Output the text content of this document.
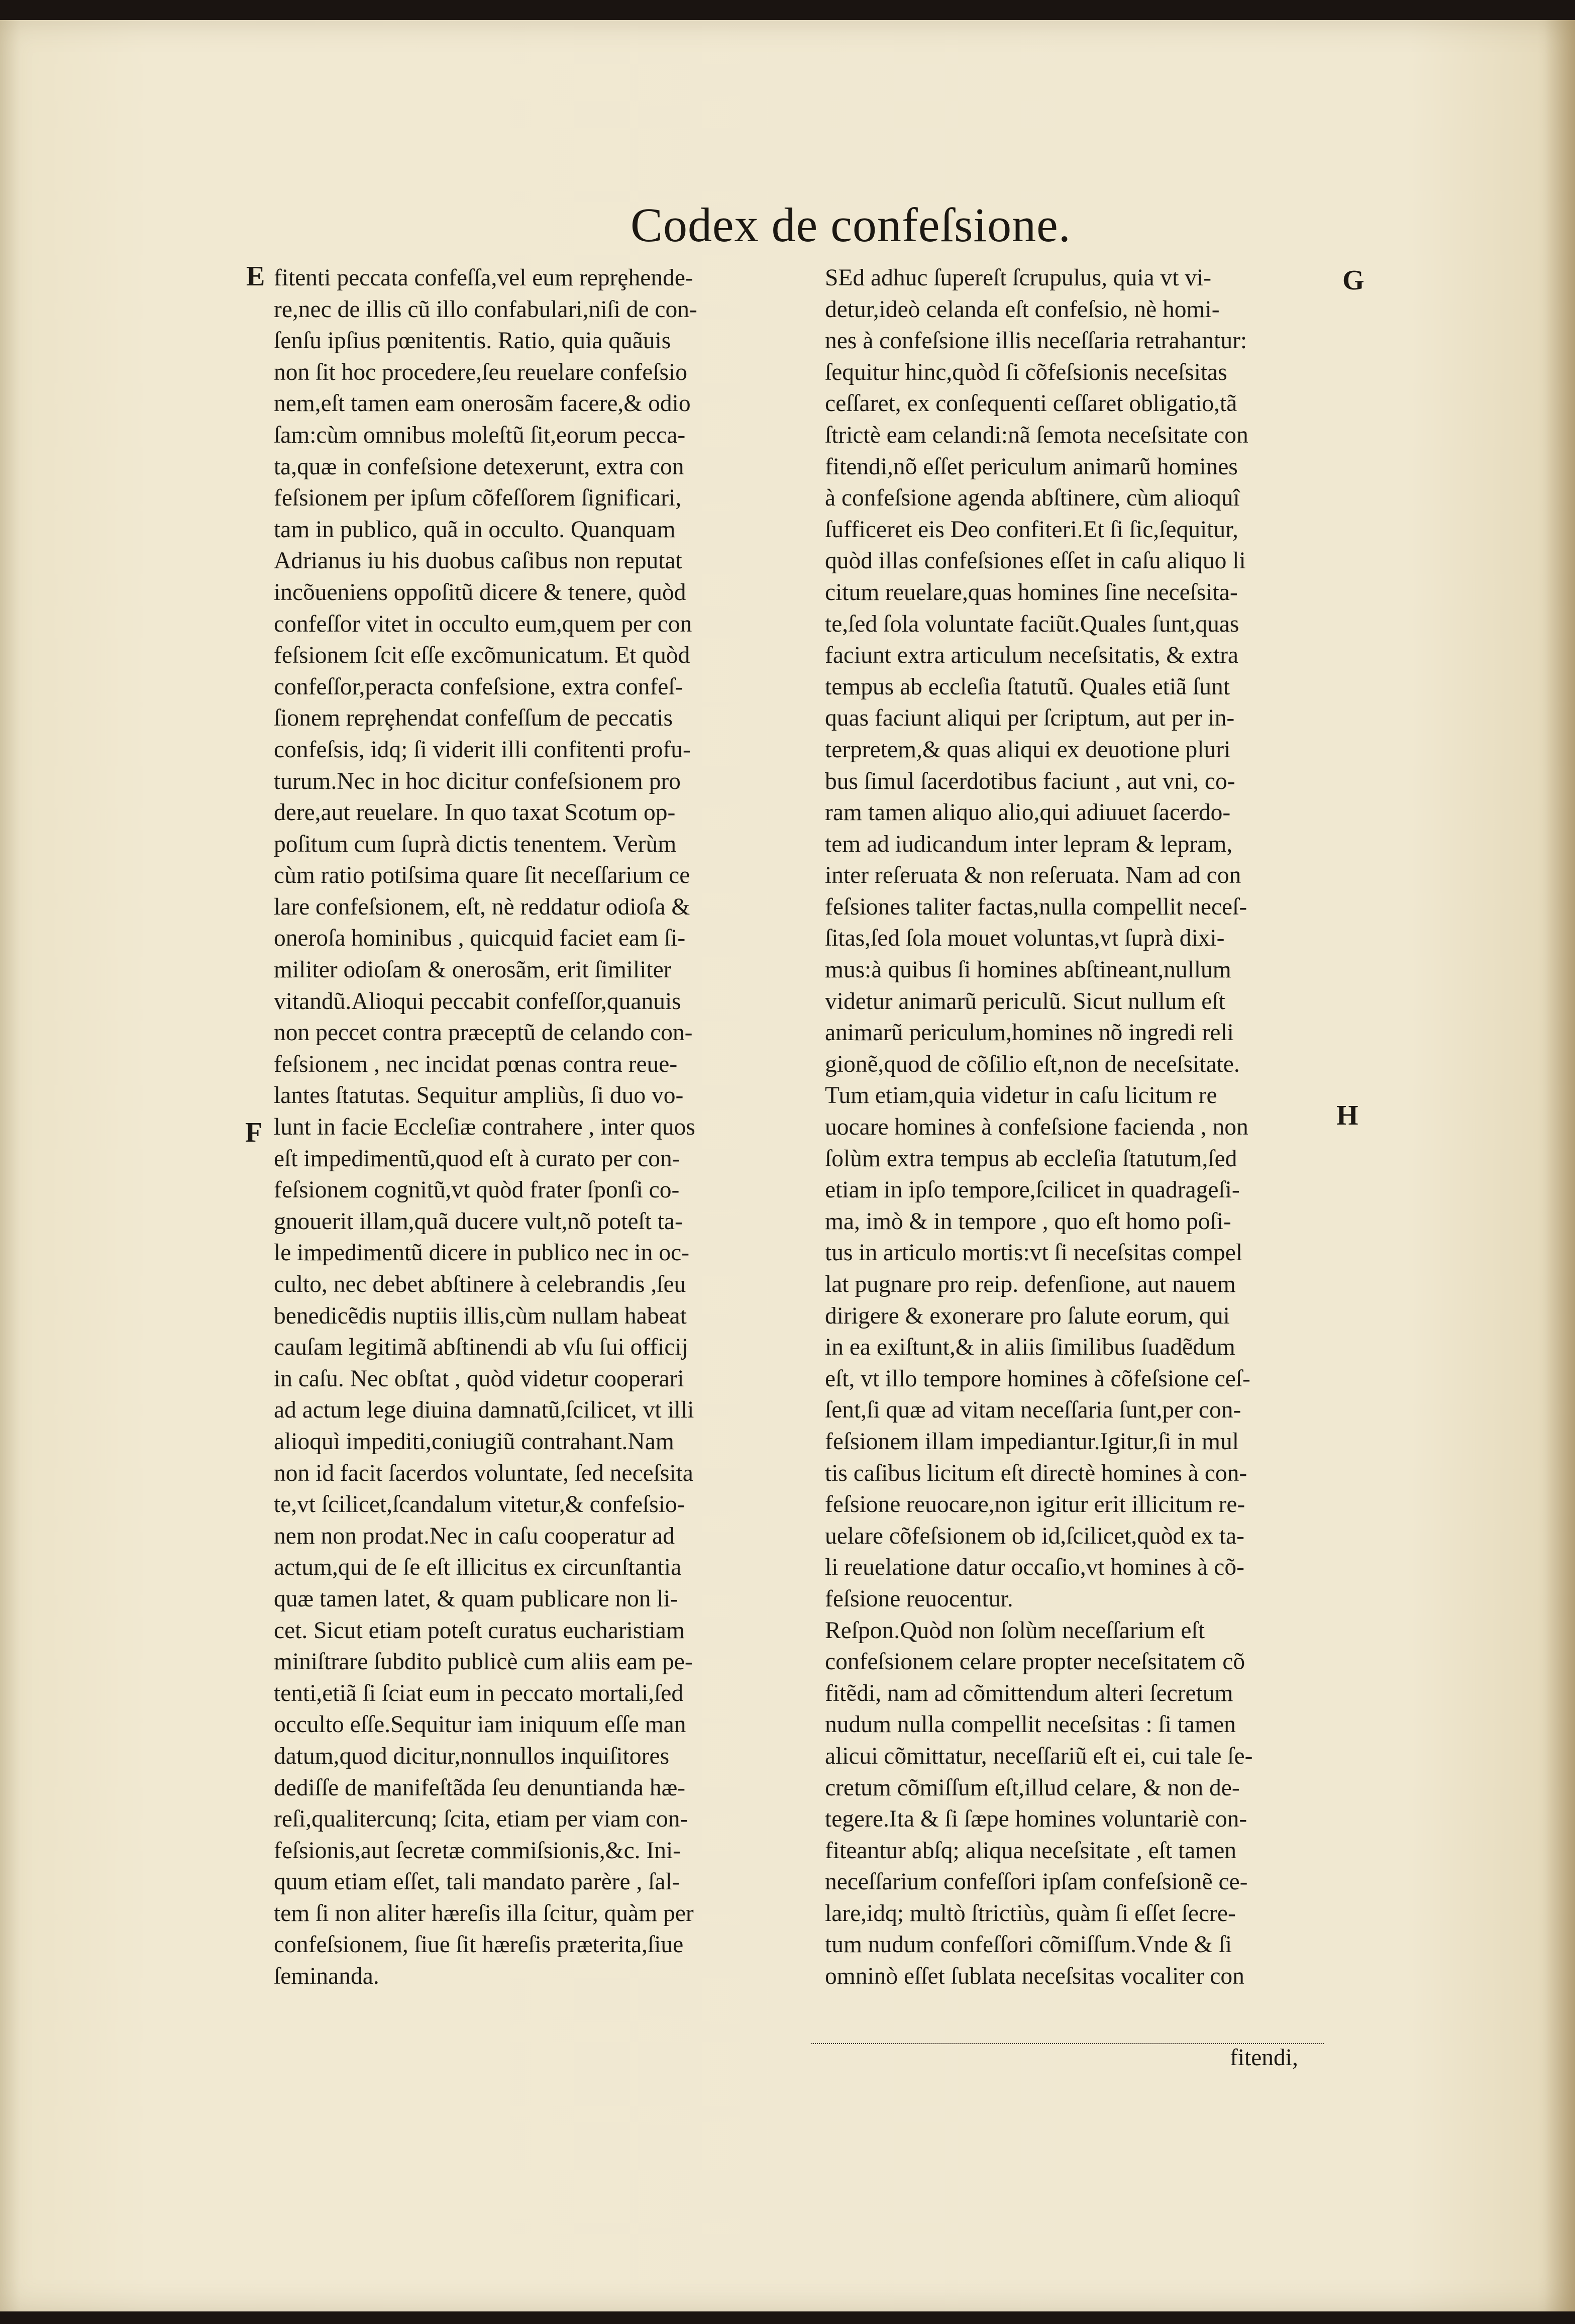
Codex de confeſsione.
E
F
G
H
fitenti peccata confeſſa,vel eum reprȩhende-
re,nec de illis cũ illo confabulari,niſi de con-
ſenſu ipſius pœnitentis. Ratio, quia quãuis
non ſit hoc procedere,ſeu reuelare confeſsio
nem,eſt tamen eam onerosãm facere,& odio
ſam:cùm omnibus moleſtũ ſit,eorum pecca-
ta,quæ in confeſsione detexerunt, extra con
feſsionem per ipſum cõfeſſorem ſignificari,
tam in publico, quã in occulto. Quanquam
Adrianus iu his duobus caſibus non reputat
incõueniens oppoſitũ dicere & tenere, quòd
confeſſor vitet in occulto eum,quem per con
feſsionem ſcit eſſe excõmunicatum. Et quòd
confeſſor,peracta confeſsione, extra confeſ-
ſionem reprȩhendat confeſſum de peccatis
confeſsis, idq; ſi viderit illi confitenti profu-
turum.Nec in hoc dicitur confeſsionem pro
dere,aut reuelare. In quo taxat Scotum op-
poſitum cum ſuprà dictis tenentem. Verùm
cùm ratio potiſsima quare ſit neceſſarium ce
lare confeſsionem, eſt, nè reddatur odioſa &
oneroſa hominibus , quicquid faciet eam ſi-
militer odioſam & onerosãm, erit ſimiliter
vitandũ.Alioqui peccabit confeſſor,quanuis
non peccet contra præceptũ de celando con-
feſsionem , nec incidat pœnas contra reue-
lantes ſtatutas. Sequitur ampliùs, ſi duo vo-
lunt in facie Eccleſiæ contrahere , inter quos
eſt impedimentũ,quod eſt à curato per con-
feſsionem cognitũ,vt quòd frater ſponſi co-
gnouerit illam,quã ducere vult,nõ poteſt ta-
le impedimentũ dicere in publico nec in oc-
culto, nec debet abſtinere à celebrandis ,ſeu
benedicẽdis nuptiis illis,cùm nullam habeat
cauſam legitimã abſtinendi ab vſu ſui officij
in caſu. Nec obſtat , quòd videtur cooperari
ad actum lege diuina damnatũ,ſcilicet, vt illi
alioquì impediti,coniugiũ contrahant.Nam
non id facit ſacerdos voluntate, ſed neceſsita
te,vt ſcilicet,ſcandalum vitetur,& confeſsio-
nem non prodat.Nec in caſu cooperatur ad
actum,qui de ſe eſt illicitus ex circunſtantia
quæ tamen latet, & quam publicare non li-
cet. Sicut etiam poteſt curatus eucharistiam
miniſtrare ſubdito publicè cum aliis eam pe-
tenti,etiã ſi ſciat eum in peccato mortali,ſed
occulto eſſe.Sequitur iam iniquum eſſe man
datum,quod dicitur,nonnullos inquiſitores
dediſſe de manifeſtãda ſeu denuntianda hæ-
reſi,qualitercunq; ſcita, etiam per viam con-
feſsionis,aut ſecretæ commiſsionis,&c. Ini-
quum etiam eſſet, tali mandato parère , ſal-
tem ſi non aliter hæreſis illa ſcitur, quàm per
confeſsionem, ſiue ſit hæreſis præterita,ſiue
ſeminanda.
SEd adhuc ſupereſt ſcrupulus, quia vt vi-
detur,ideò celanda eſt confeſsio, nè homi-
nes à confeſsione illis neceſſaria retrahantur:
ſequitur hinc,quòd ſi cõfeſsionis neceſsitas
ceſſaret, ex conſequenti ceſſaret obligatio,tã
ſtrictè eam celandi:nã ſemota neceſsitate con
fitendi,nõ eſſet periculum animarũ homines
à confeſsione agenda abſtinere, cùm alioquî
ſufficeret eis Deo confiteri.Et ſi ſic,ſequitur,
quòd illas confeſsiones eſſet in caſu aliquo li
citum reuelare,quas homines ſine neceſsita-
te,ſed ſola voluntate faciũt.Quales ſunt,quas
faciunt extra articulum neceſsitatis, & extra
tempus ab eccleſia ſtatutũ. Quales etiã ſunt
quas faciunt aliqui per ſcriptum, aut per in-
terpretem,& quas aliqui ex deuotione pluri
bus ſimul ſacerdotibus faciunt , aut vni, co-
ram tamen aliquo alio,qui adiuuet ſacerdo-
tem ad iudicandum inter lepram & lepram,
inter reſeruata & non reſeruata. Nam ad con
feſsiones taliter factas,nulla compellit neceſ-
ſitas,ſed ſola mouet voluntas,vt ſuprà dixi-
mus:à quibus ſi homines abſtineant,nullum
videtur animarũ periculũ. Sicut nullum eſt
animarũ periculum,homines nõ ingredi reli
gionẽ,quod de cõſilio eſt,non de neceſsitate.
Tum etiam,quia videtur in caſu licitum re
uocare homines à confeſsione facienda , non
ſolùm extra tempus ab eccleſia ſtatutum,ſed
etiam in ipſo tempore,ſcilicet in quadrageſi-
ma, imò & in tempore , quo eſt homo poſi-
tus in articulo mortis:vt ſi neceſsitas compel
lat pugnare pro reip. defenſione, aut nauem
dirigere & exonerare pro ſalute eorum, qui
in ea exiſtunt,& in aliis ſimilibus ſuadẽdum
eſt, vt illo tempore homines à cõfeſsione ceſ-
ſent,ſi quæ ad vitam neceſſaria ſunt,per con-
feſsionem illam impediantur.Igitur,ſi in mul
tis caſibus licitum eſt directè homines à con-
feſsione reuocare,non igitur erit illicitum re-
uelare cõfeſsionem ob id,ſcilicet,quòd ex ta-
li reuelatione datur occaſio,vt homines à cõ-
feſsione reuocentur.
Reſpon.Quòd non ſolùm neceſſarium eſt
confeſsionem celare propter neceſsitatem cõ
fitẽdi, nam ad cõmittendum alteri ſecretum
nudum nulla compellit neceſsitas : ſi tamen
alicui cõmittatur, neceſſariũ eſt ei, cui tale ſe-
cretum cõmiſſum eſt,illud celare, & non de-
tegere.Ita & ſi ſæpe homines voluntariè con-
fiteantur abſq; aliqua neceſsitate , eſt tamen
neceſſarium confeſſori ipſam confeſsionẽ ce-
lare,idq; multò ſtrictiùs, quàm ſi eſſet ſecre-
tum nudum confeſſori cõmiſſum.Vnde & ſi
omninò eſſet ſublata neceſsitas vocaliter con
fitendi,
